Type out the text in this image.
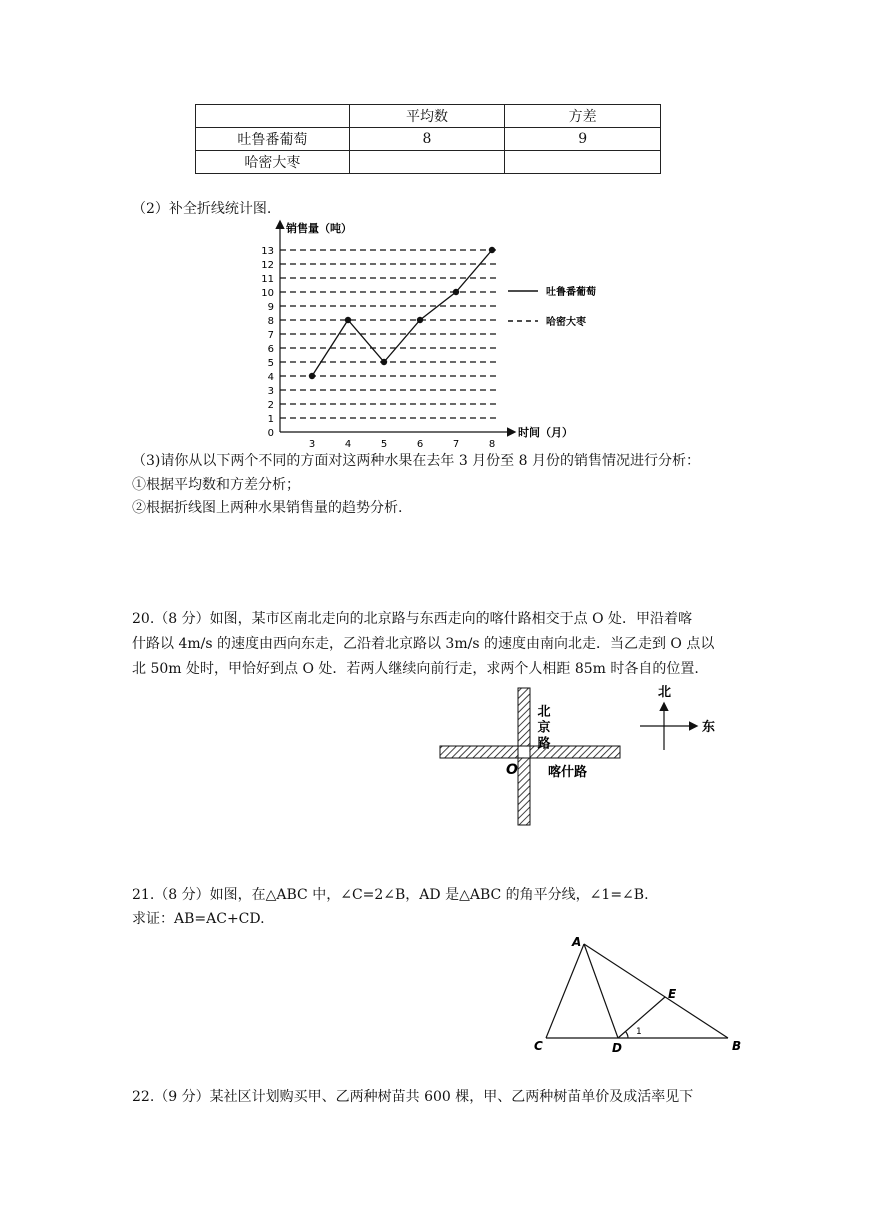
	平均数	方差
吐鲁番葡萄	8	9
哈密大枣		
（2）补全折线统计图.
0
1
2
3
4
5
6
7
8
9
10
11
12
13
3	4	5	6	7	8
销售量（吨）
时间（月）
吐鲁番葡萄
哈密大枣
（3)请你从以下两个不同的方面对这两种水果在去年 3 月份至 8 月份的销售情况进行分析：
①根据平均数和方差分析；
②根据折线图上两种水果销售量的趋势分析.
20.（8 分）如图，某市区南北走向的北京路与东西走向的喀什路相交于点 O 处．甲沿着喀
什路以 4m/s 的速度由西向东走，乙沿着北京路以 3m/s 的速度由南向北走．当乙走到 O 点以
北 50m 处时，甲恰好到点 O 处．若两人继续向前行走，求两个人相距 85m 时各自的位置.
北京路
喀什路
O
北
东
21.（8 分）如图，在△ABC 中，∠C=2∠B，AD 是△ABC 的角平分线，∠1=∠B.
求证：AB=AC+CD.
A
B
C	D
E
1
22.（9 分）某社区计划购买甲、乙两种树苗共 600 棵，甲、乙两种树苗单价及成活率见下
